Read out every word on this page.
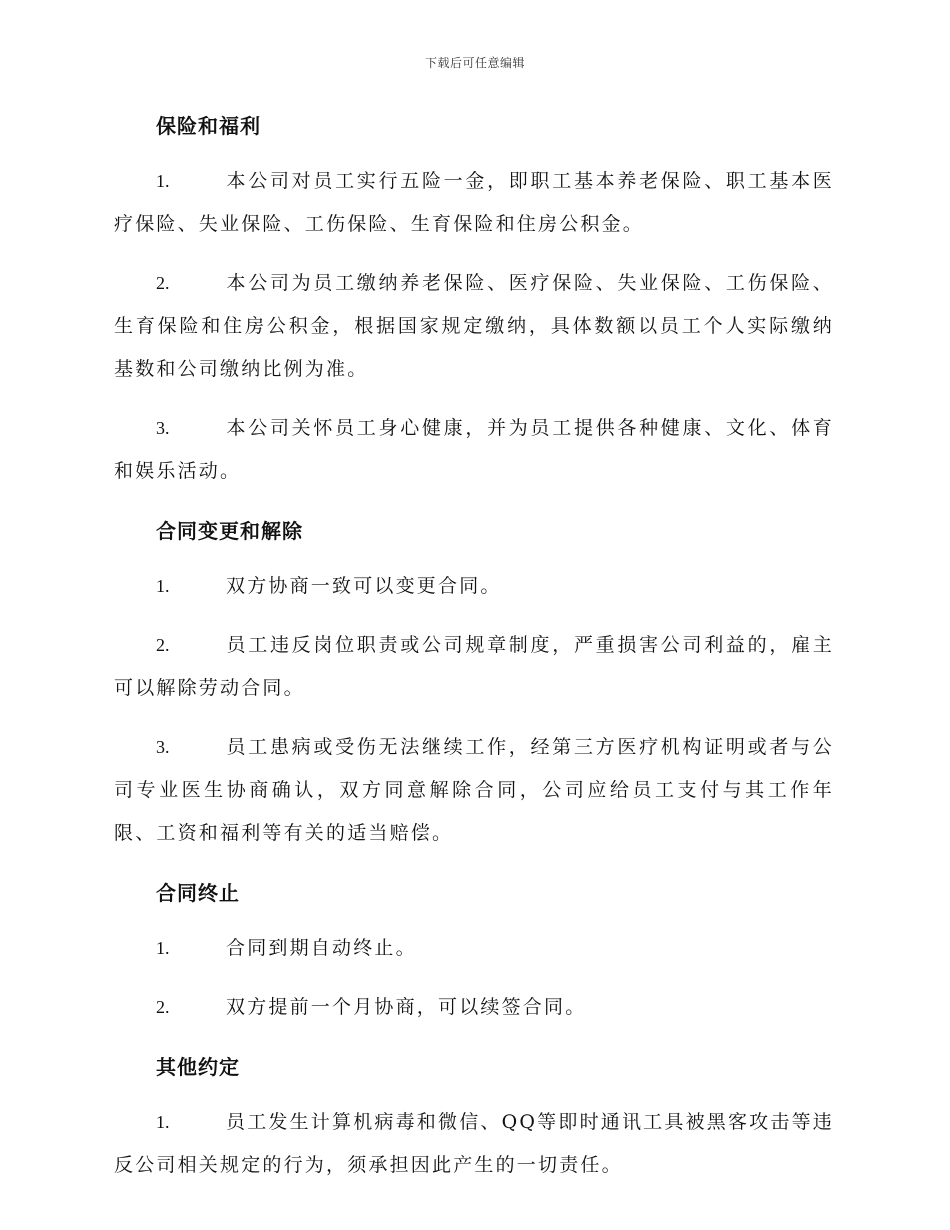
下载后可任意编辑
保险和福利
1.	本公司对员工实行五险一金，即职工基本养老保险、职工基本医疗保险、失业保险、工伤保险、生育保险和住房公积金。
2.	本公司为员工缴纳养老保险、医疗保险、失业保险、工伤保险、生育保险和住房公积金，根据国家规定缴纳，具体数额以员工个人实际缴纳基数和公司缴纳比例为准。
3.	本公司关怀员工身心健康，并为员工提供各种健康、文化、体育和娱乐活动。
合同变更和解除
1.	双方协商一致可以变更合同。
2.	员工违反岗位职责或公司规章制度，严重损害公司利益的，雇主可以解除劳动合同。
3.	员工患病或受伤无法继续工作，经第三方医疗机构证明或者与公司专业医生协商确认，双方同意解除合同，公司应给员工支付与其工作年限、工资和福利等有关的适当赔偿。
合同终止
1.	合同到期自动终止。
2.	双方提前一个月协商，可以续签合同。
其他约定
1.	员工发生计算机病毒和微信、QQ等即时通讯工具被黑客攻击等违反公司相关规定的行为，须承担因此产生的一切责任。
